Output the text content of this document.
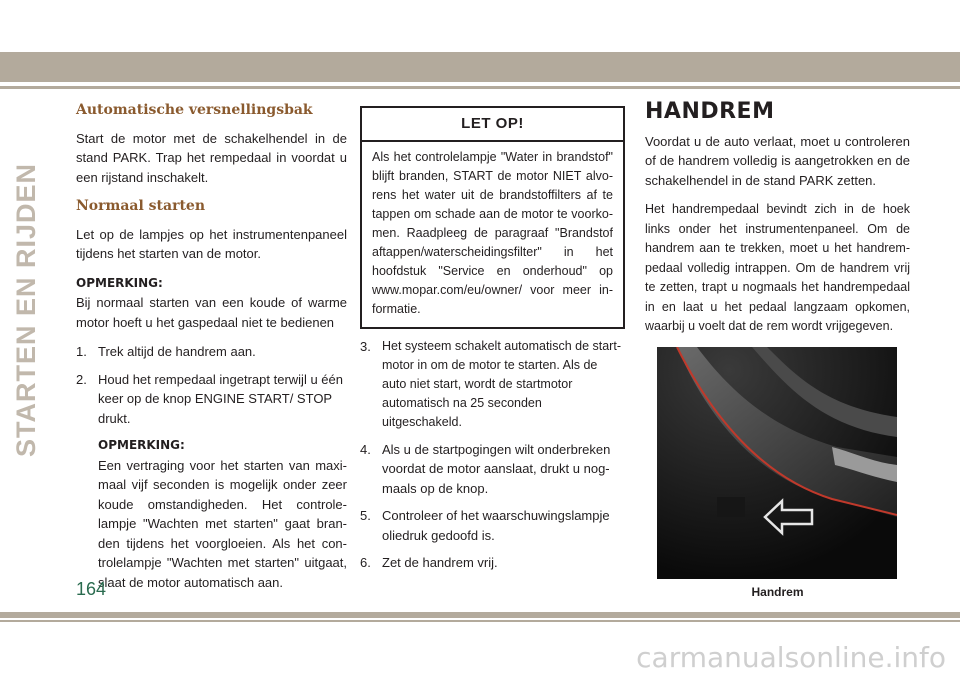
STARTEN EN RIJDEN
Automatische versnellingsbak
Start de motor met de schakelhendel in de stand PARK. Trap het rempedaal in voordat u een rijstand inschakelt.
Normaal starten
Let op de lampjes op het instrumentenpaneel tijdens het starten van de motor.
OPMERKING:
Bij normaal starten van een koude of warme motor hoeft u het gaspedaal niet te bedienen
1. Trek altijd de handrem aan.
2. Houd het rempedaal ingetrapt terwijl u één keer op de knop ENGINE START/ STOP drukt.
OPMERKING:
Een vertraging voor het starten van maxi- maal vijf seconden is mogelijk onder zeer koude omstandigheden. Het controle- lampje "Wachten met starten" gaat bran- den tijdens het voorgloeien. Als het con- trolelampje "Wachten met starten" uitgaat, slaat de motor automatisch aan.
LET OP!
Als het controlelampje "Water in brandstof" blijft branden, START de motor NIET alvo- rens het water uit de brandstoffilters af te tappen om schade aan de motor te voorko- men. Raadpleeg de paragraaf "Brandstof aftappen/waterscheidingsfilter" in het hoofdstuk "Service en onderhoud" op www.mopar.com/eu/owner/ voor meer in- formatie.
3. Het systeem schakelt automatisch de start- motor in om de motor te starten. Als de auto niet start, wordt de startmotor automatisch na 25 seconden uitgeschakeld.
4. Als u de startpogingen wilt onderbreken voordat de motor aanslaat, drukt u nog- maals op de knop.
5. Controleer of het waarschuwingslampje oliedruk gedoofd is.
6. Zet de handrem vrij.
HANDREM
Voordat u de auto verlaat, moet u controleren of de handrem volledig is aangetrokken en de schakelhendel in de stand PARK zetten.
Het handrempedaal bevindt zich in de hoek links onder het instrumentenpaneel. Om de handrem aan te trekken, moet u het handrem- pedaal volledig intrappen. Om de handrem vrij te zetten, trapt u nogmaals het handrempedaal in en laat u het pedaal langzaam opkomen, waarbij u voelt dat de rem wordt vrijgegeven.
Handrem
164
carmanualsonline.info
